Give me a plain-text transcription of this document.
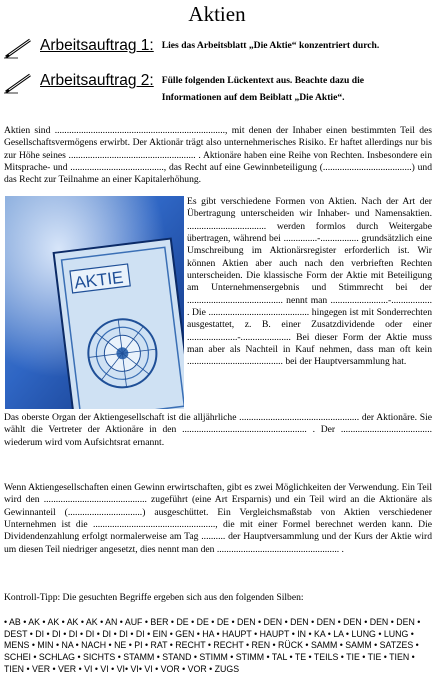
Aktien
Arbeitsauftrag 1: Lies das Arbeitsblatt „Die Aktie“ konzentriert durch.
Arbeitsauftrag 2: Fülle folgenden Lückentext aus. Beachte dazu die
Informationen auf dem Beiblatt „Die Aktie“.

Aktien sind ......................................................................., mit denen der Inhaber einen bestimmten Teil des Gesellschaftsvermögens erwirbt. Der Aktionär trägt also unternehmerisches Risiko. Er haftet allerdings nur bis zur Höhe seines ..................................................... . Aktionäre haben eine Reihe von Rechten. Insbesondere ein Mitsprache- und ......................................., das Recht auf eine Gewinnbeteiligung (.....................................) und das Recht zur Teilnahme an einer Kapitalerhöhung.

AKTIE

Es gibt verschiedene Formen von Aktien. Nach der Art der Übertragung unterscheiden wir Inhaber- und Namensaktien. ................................. werden formlos durch Weitergabe übertragen, während bei ..............-................ grundsätzlich eine Umschreibung im Aktionärsregister erforderlich ist. Wir können Aktien aber auch nach den verbrieften Rechten unterscheiden. Die klassische Form der Aktie mit Beteiligung am Unternehmensergebnis und Stimmrecht bei der ........................................ nennt man ........................-................. . Die .......................................... hingegen ist mit Sonderrechten ausgestattet, z. B. einer Zusatzdividende oder einer .....................-..................... Bei dieser Form der Aktie muss man aber als Nachteil in Kauf nehmen, dass man oft kein ........................................ bei der Hauptversammlung hat.

Das oberste Organ der Aktiengesellschaft ist die alljährliche .................................................. der Aktionäre. Sie wählt die Vertreter der Aktionäre in den .................................................... . Der ...................................... wiederum wird vom Aufsichtsrat ernannt.

Wenn Aktiengesellschaften einen Gewinn erwirtschaften, gibt es zwei Möglichkeiten der Verwendung. Ein Teil wird den ........................................... zugeführt (eine Art Ersparnis) und ein Teil wird an die Aktionäre als Gewinnanteil (...............................) ausgeschüttet. Ein Vergleichsmaßstab von Aktien verschiedener Unternehmen ist die ..................................................., die mit einer Formel berechnet werden kann. Die Dividendenzahlung erfolgt normalerweise am Tag .......... der Hauptversammlung und der Kurs der Aktie wird um diesen Teil niedriger angesetzt, dies nennt man den ................................................... .

Kontroll-Tipp: Die gesuchten Begriffe ergeben sich aus den folgenden Silben:
• AB • AK • AK • AK • AK • AN • AUF • BER • DE • DE • DE • DEN • DEN • DEN • DEN • DEN • DEN • DEN • DEST • DI • DI • DI • DI • DI • DI • DI • EIN • GEN • HA • HAUPT • HAUPT • IN • KA • LA • LUNG • LUNG • MENS • MIN • NA • NACH • NE • PI • RAT • RECHT • RECHT • REN • RÜCK • SAMM • SAMM • SATZES • SCHEI • SCHLAG • SICHTS • STAMM • STAND • STIMM • STIMM • TAL • TE • TEILS • TIE • TIE • TIEN • TIEN • VER • VER • VI • VI • VI• VI• VI • VOR • VOR • ZUGS
